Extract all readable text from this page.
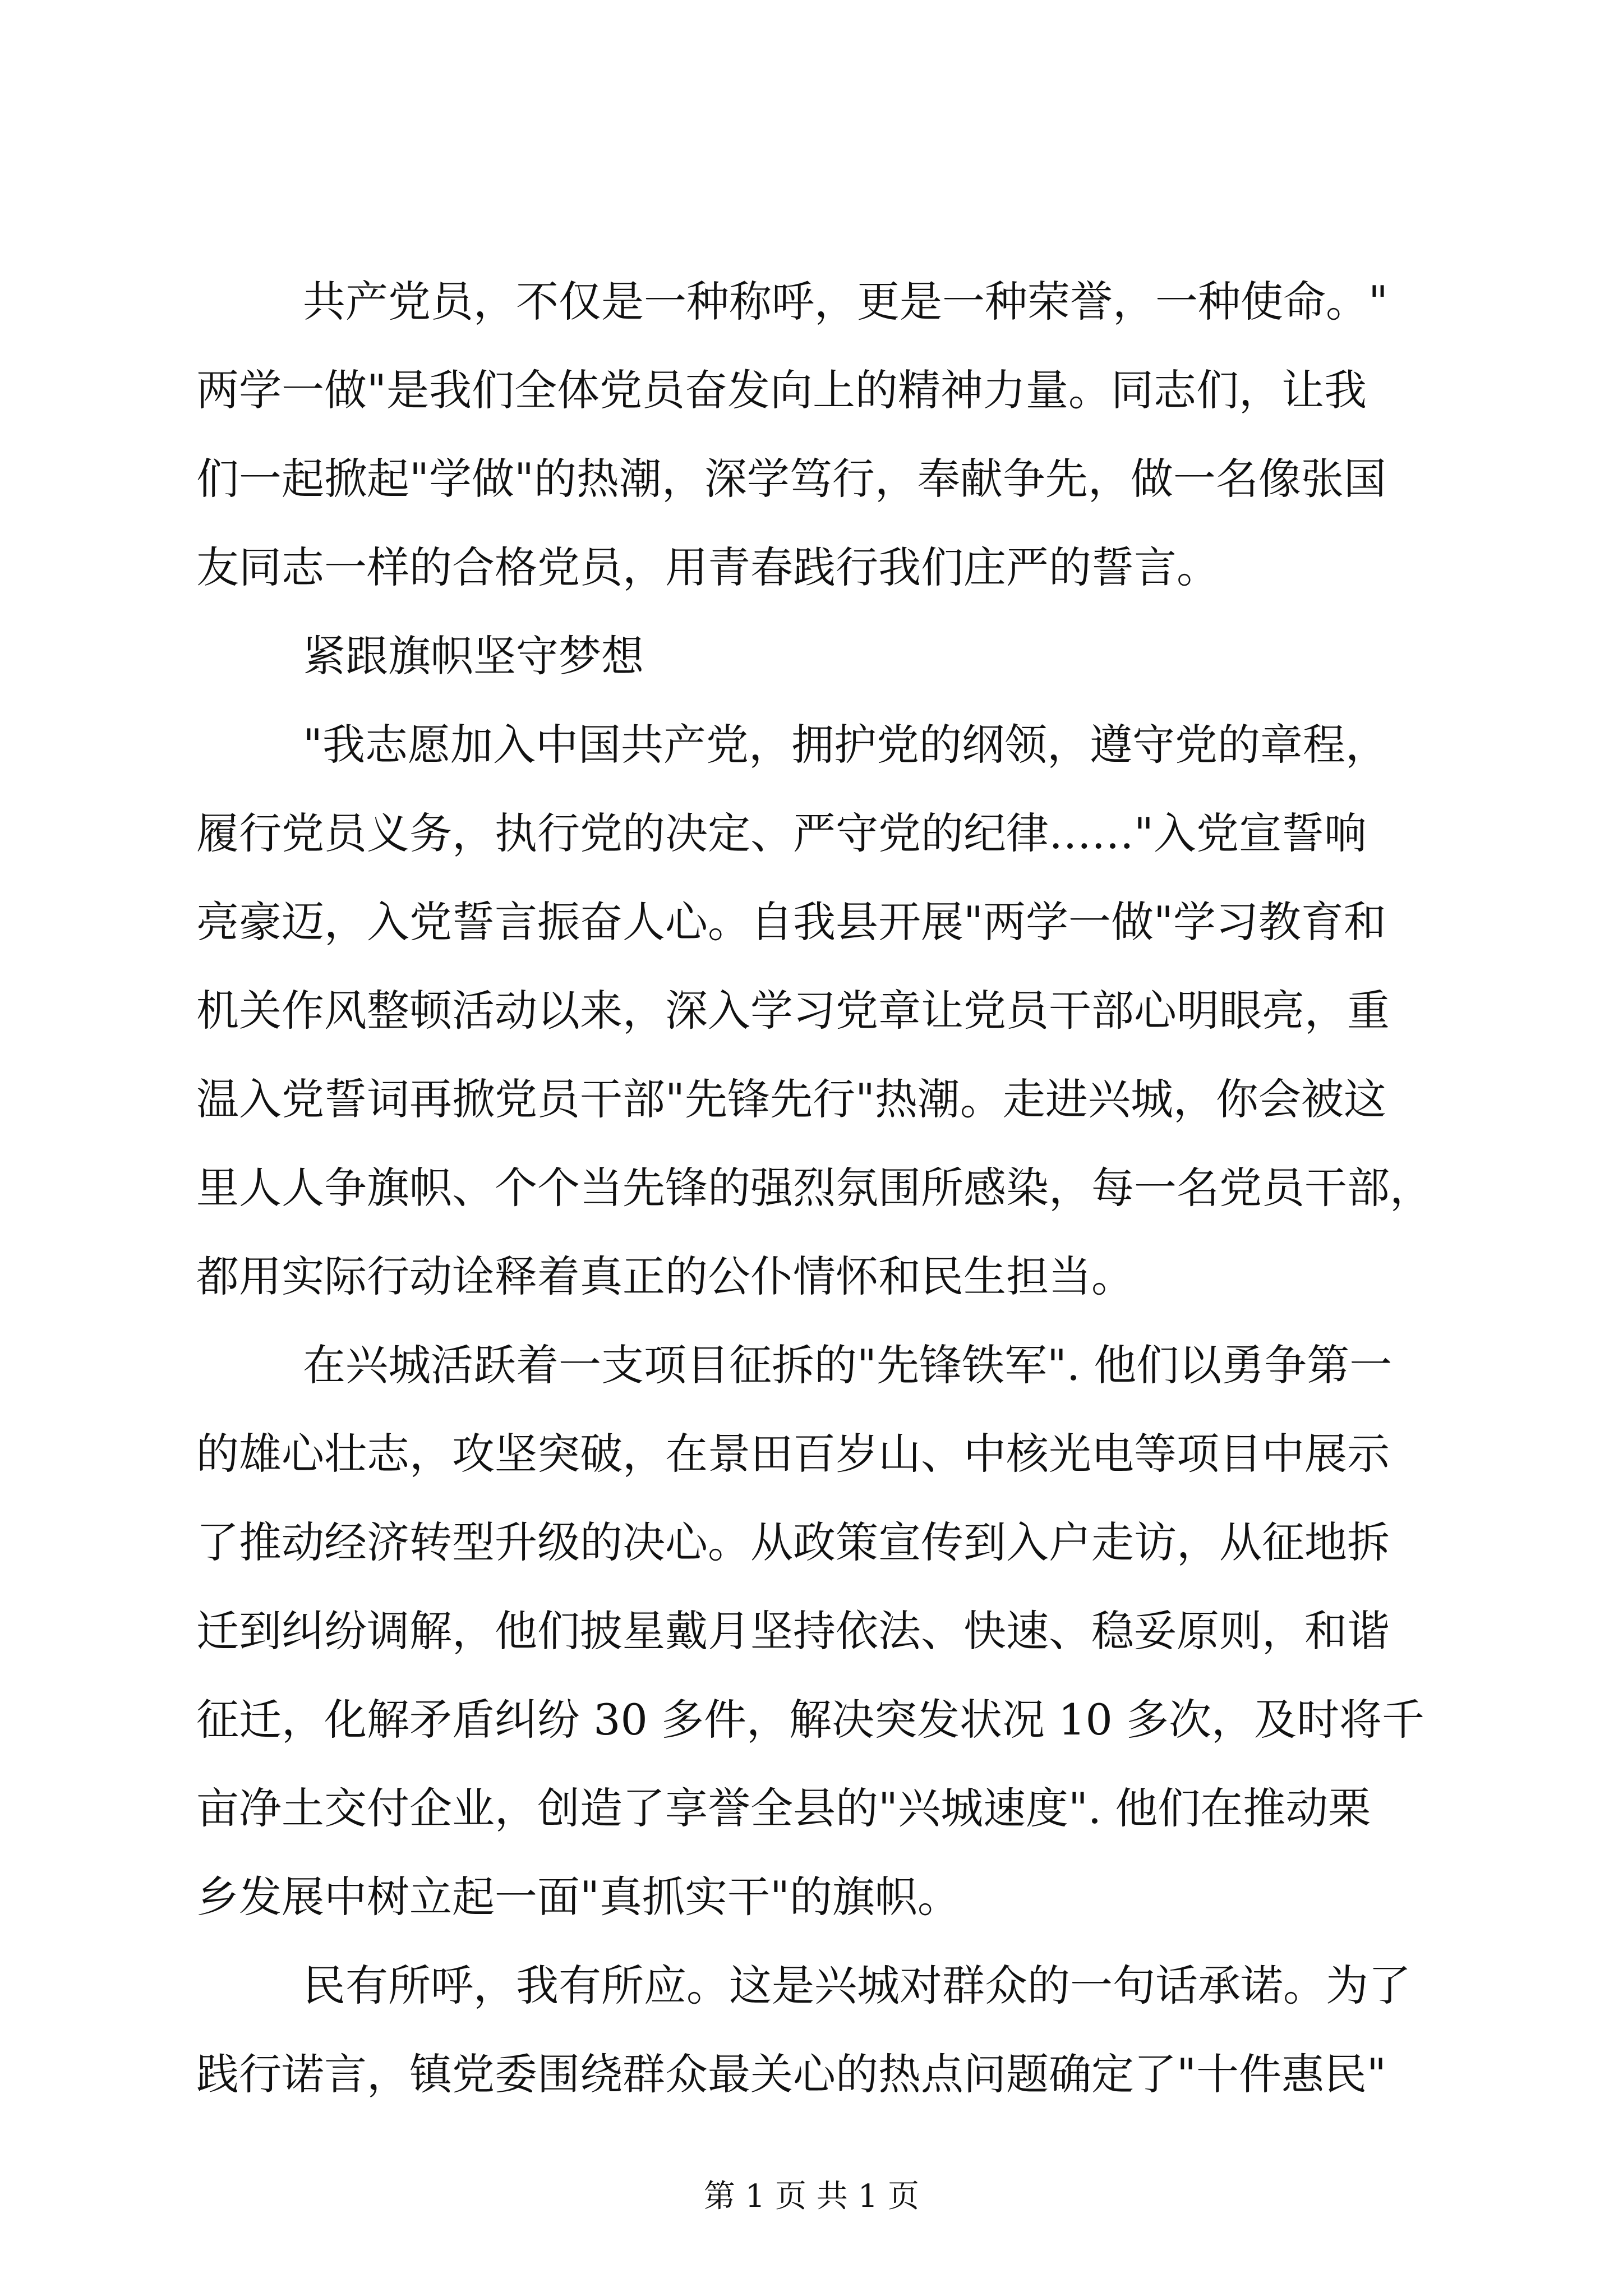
共产党员，不仅是一种称呼，更是一种荣誉，一种使命。"
两学一做"是我们全体党员奋发向上的精神力量。同志们，让我
们一起掀起"学做"的热潮，深学笃行，奉献争先，做一名像张国
友同志一样的合格党员，用青春践行我们庄严的誓言。
紧跟旗帜坚守梦想
"我志愿加入中国共产党，拥护党的纲领，遵守党的章程，
履行党员义务，执行党的决定、严守党的纪律……"入党宣誓响
亮豪迈，入党誓言振奋人心。自我县开展"两学一做"学习教育和
机关作风整顿活动以来，深入学习党章让党员干部心明眼亮，重
温入党誓词再掀党员干部"先锋先行"热潮。走进兴城，你会被这
里人人争旗帜、个个当先锋的强烈氛围所感染，每一名党员干部，
都用实际行动诠释着真正的公仆情怀和民生担当。
在兴城活跃着一支项目征拆的"先锋铁军". 他们以勇争第一
的雄心壮志，攻坚突破，在景田百岁山、中核光电等项目中展示
了推动经济转型升级的决心。从政策宣传到入户走访，从征地拆
迁到纠纷调解，他们披星戴月坚持依法、快速、稳妥原则，和谐
征迁，化解矛盾纠纷 30 多件，解决突发状况 10 多次，及时将千
亩净土交付企业，创造了享誉全县的"兴城速度". 他们在推动栗
乡发展中树立起一面"真抓实干"的旗帜。
民有所呼，我有所应。这是兴城对群众的一句话承诺。为了
践行诺言，镇党委围绕群众最关心的热点问题确定了"十件惠民"
第 1 页 共 1 页
